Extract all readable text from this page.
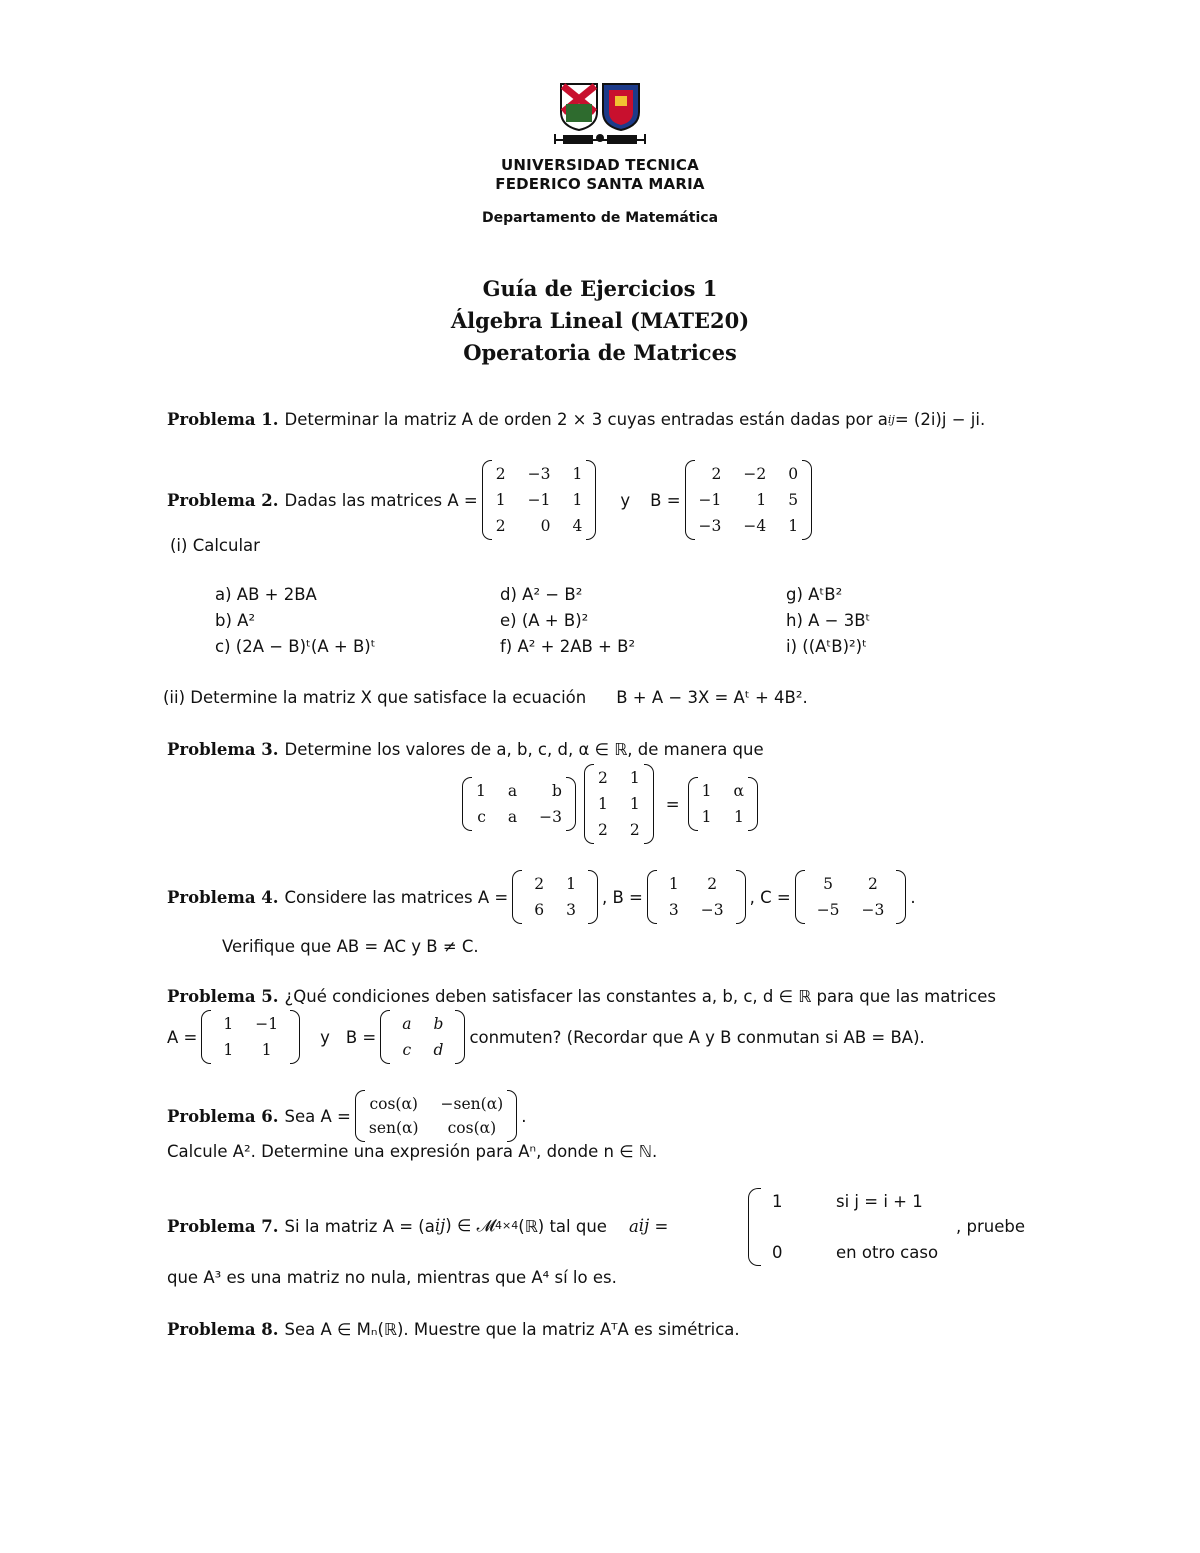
UNIVERSIDAD TECNICA
FEDERICO SANTA MARIA
Departamento de Matemática
Guía de Ejercicios 1
Álgebra Lineal (MATE20)
Operatoria de Matrices
Problema 1. Determinar la matriz A de orden 2 × 3 cuyas entradas están dadas por a ij = (2i)j − ji.
Problema 2. Dadas las matrices A =
2 −3 1
1 −1 1
2	0 4
y B =
2 −2 0
−1	1 5
−3 −4 1
(i) Calcular
a) AB + 2BA
b) A²
c) (2A − B)ᵗ(A + B)ᵗ
d) A² − B²
e) (A + B)²
f) A² + 2AB + B²
g) AᵗB²
h) A − 3Bᵗ
i) ((AᵗB)²)ᵗ
(ii) Determine la matriz X que satisface la ecuación B + A − 3X = Aᵗ + 4B².
Problema 3. Determine los valores de a, b, c, d, α ∈ ℝ, de manera que
1 a	b
c a −3
2 1
1 1
2 2
=
1 α
1 1
Problema 4. Considere las matrices A =
2 1
6 3
, B =
1	2
3 −3
, C =
5	2
−5 −3
.
Verifique que AB = AC y B ≠ C.
Problema 5. ¿Qué condiciones deben satisfacer las constantes a, b, c, d ∈ ℝ para que las matrices
A =
1 −1
1	1
y B =
a b
c d
conmuten? (Recordar que A y B conmutan si AB = BA).
Problema 6. Sea A =
cos(α) −sen(α)
sen(α)	cos(α)
.
Calcule A². Determine una expresión para Aⁿ, donde n ∈ ℕ.
Problema 7. Si la matriz A = (a ij ) ∈ 𝓜 4×4 (ℝ) tal que a ij =
1	si j = i + 1
0	en otro caso
, pruebe
que A³ es una matriz no nula, mientras que A⁴ sí lo es.
Problema 8. Sea A ∈ Mₙ(ℝ). Muestre que la matriz AᵀA es simétrica.
